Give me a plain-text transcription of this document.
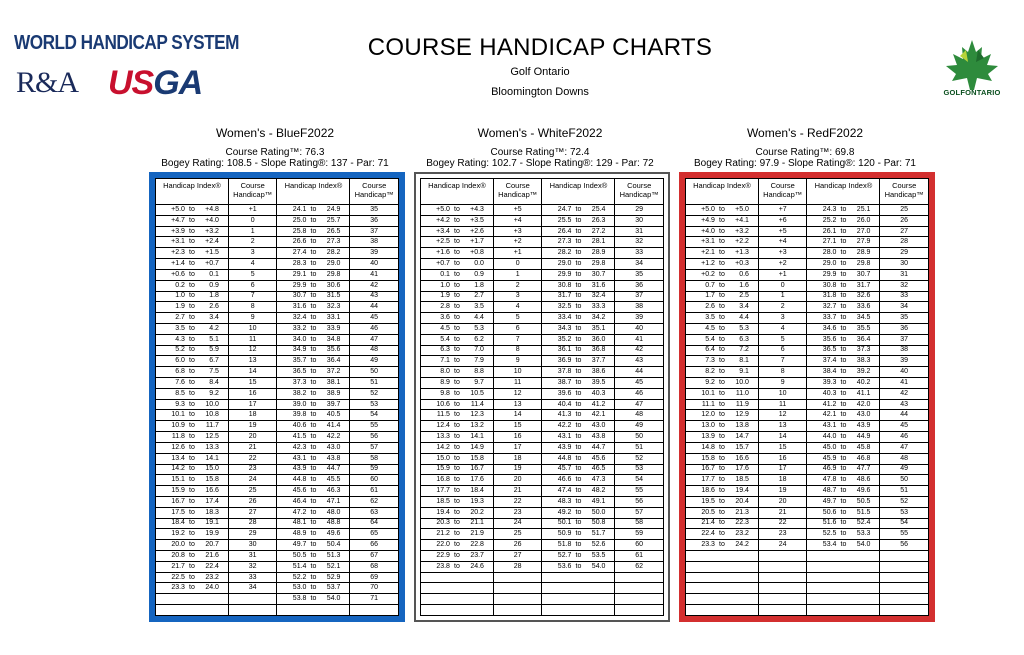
WORLD HANDICAP SYSTEM
R&A USGA
COURSE HANDICAP CHARTS
Golf Ontario
Bloomington Downs	GOLFONTARIO
Women's - BlueF2022
Course Rating™: 76.3
Bogey Rating: 108.5 - Slope Rating®: 137 - Par: 71
Handicap Index®	Course Handicap™	Handicap Index®	Course Handicap™
+5.0 to +4.8	+1	24.1 to 24.9	35
+4.7 to +4.0	0	25.0 to 25.7	36
+3.9 to +3.2	1	25.8 to 26.5	37
+3.1 to +2.4	2	26.6 to 27.3	38
+2.3 to +1.5	3	27.4 to 28.2	39
+1.4 to +0.7	4	28.3 to 29.0	40
+0.6 to 0.1	5	29.1 to 29.8	41
0.2 to 0.9	6	29.9 to 30.6	42
1.0 to 1.8	7	30.7 to 31.5	43
1.9 to 2.6	8	31.6 to 32.3	44
2.7 to 3.4	9	32.4 to 33.1	45
3.5 to 4.2	10	33.2 to 33.9	46
4.3 to 5.1	11	34.0 to 34.8	47
5.2 to 5.9	12	34.9 to 35.6	48
6.0 to 6.7	13	35.7 to 36.4	49
6.8 to 7.5	14	36.5 to 37.2	50
7.6 to 8.4	15	37.3 to 38.1	51
8.5 to 9.2	16	38.2 to 38.9	52
9.3 to 10.0	17	39.0 to 39.7	53
10.1 to 10.8	18	39.8 to 40.5	54
10.9 to 11.7	19	40.6 to 41.4	55
11.8 to 12.5	20	41.5 to 42.2	56
12.6 to 13.3	21	42.3 to 43.0	57
13.4 to 14.1	22	43.1 to 43.8	58
14.2 to 15.0	23	43.9 to 44.7	59
15.1 to 15.8	24	44.8 to 45.5	60
15.9 to 16.6	25	45.6 to 46.3	61
16.7 to 17.4	26	46.4 to 47.1	62
17.5 to 18.3	27	47.2 to 48.0	63
18.4 to 19.1	28	48.1 to 48.8	64
19.2 to 19.9	29	48.9 to 49.6	65
20.0 to 20.7	30	49.7 to 50.4	66
20.8 to 21.6	31	50.5 to 51.3	67
21.7 to 22.4	32	51.4 to 52.1	68
22.5 to 23.2	33	52.2 to 52.9	69
23.3 to 24.0	34	53.0 to 53.7	70
		53.8 to 54.0	71

Women's - WhiteF2022
Course Rating™: 72.4
Bogey Rating: 102.7 - Slope Rating®: 129 - Par: 72
Handicap Index®	Course Handicap™	Handicap Index®	Course Handicap™
+5.0 to +4.3	+5	24.7 to 25.4	29
+4.2 to +3.5	+4	25.5 to 26.3	30
+3.4 to +2.6	+3	26.4 to 27.2	31
+2.5 to +1.7	+2	27.3 to 28.1	32
+1.6 to +0.8	+1	28.2 to 28.9	33
+0.7 to 0.0	0	29.0 to 29.8	34
0.1 to 0.9	1	29.9 to 30.7	35
1.0 to 1.8	2	30.8 to 31.6	36
1.9 to 2.7	3	31.7 to 32.4	37
2.8 to 3.5	4	32.5 to 33.3	38
3.6 to 4.4	5	33.4 to 34.2	39
4.5 to 5.3	6	34.3 to 35.1	40
5.4 to 6.2	7	35.2 to 36.0	41
6.3 to 7.0	8	36.1 to 36.8	42
7.1 to 7.9	9	36.9 to 37.7	43
8.0 to 8.8	10	37.8 to 38.6	44
8.9 to 9.7	11	38.7 to 39.5	45
9.8 to 10.5	12	39.6 to 40.3	46
10.6 to 11.4	13	40.4 to 41.2	47
11.5 to 12.3	14	41.3 to 42.1	48
12.4 to 13.2	15	42.2 to 43.0	49
13.3 to 14.1	16	43.1 to 43.8	50
14.2 to 14.9	17	43.9 to 44.7	51
15.0 to 15.8	18	44.8 to 45.6	52
15.9 to 16.7	19	45.7 to 46.5	53
16.8 to 17.6	20	46.6 to 47.3	54
17.7 to 18.4	21	47.4 to 48.2	55
18.5 to 19.3	22	48.3 to 49.1	56
19.4 to 20.2	23	49.2 to 50.0	57
20.3 to 21.1	24	50.1 to 50.8	58
21.2 to 21.9	25	50.9 to 51.7	59
22.0 to 22.8	26	51.8 to 52.6	60
22.9 to 23.7	27	52.7 to 53.5	61
23.8 to 24.6	28	53.6 to 54.0	62

Women's - RedF2022
Course Rating™: 69.8
Bogey Rating: 97.9 - Slope Rating®: 120 - Par: 71
Handicap Index®	Course Handicap™	Handicap Index®	Course Handicap™
+5.0 to +5.0	+7	24.3 to 25.1	25
+4.9 to +4.1	+6	25.2 to 26.0	26
+4.0 to +3.2	+5	26.1 to 27.0	27
+3.1 to +2.2	+4	27.1 to 27.9	28
+2.1 to +1.3	+3	28.0 to 28.9	29
+1.2 to +0.3	+2	29.0 to 29.8	30
+0.2 to 0.6	+1	29.9 to 30.7	31
0.7 to 1.6	0	30.8 to 31.7	32
1.7 to 2.5	1	31.8 to 32.6	33
2.6 to 3.4	2	32.7 to 33.6	34
3.5 to 4.4	3	33.7 to 34.5	35
4.5 to 5.3	4	34.6 to 35.5	36
5.4 to 6.3	5	35.6 to 36.4	37
6.4 to 7.2	6	36.5 to 37.3	38
7.3 to 8.1	7	37.4 to 38.3	39
8.2 to 9.1	8	38.4 to 39.2	40
9.2 to 10.0	9	39.3 to 40.2	41
10.1 to 11.0	10	40.3 to 41.1	42
11.1 to 11.9	11	41.2 to 42.0	43
12.0 to 12.9	12	42.1 to 43.0	44
13.0 to 13.8	13	43.1 to 43.9	45
13.9 to 14.7	14	44.0 to 44.9	46
14.8 to 15.7	15	45.0 to 45.8	47
15.8 to 16.6	16	45.9 to 46.8	48
16.7 to 17.6	17	46.9 to 47.7	49
17.7 to 18.5	18	47.8 to 48.6	50
18.6 to 19.4	19	48.7 to 49.6	51
19.5 to 20.4	20	49.7 to 50.5	52
20.5 to 21.3	21	50.6 to 51.5	53
21.4 to 22.3	22	51.6 to 52.4	54
22.4 to 23.2	23	52.5 to 53.3	55
23.3 to 24.2	24	53.4 to 54.0	56
